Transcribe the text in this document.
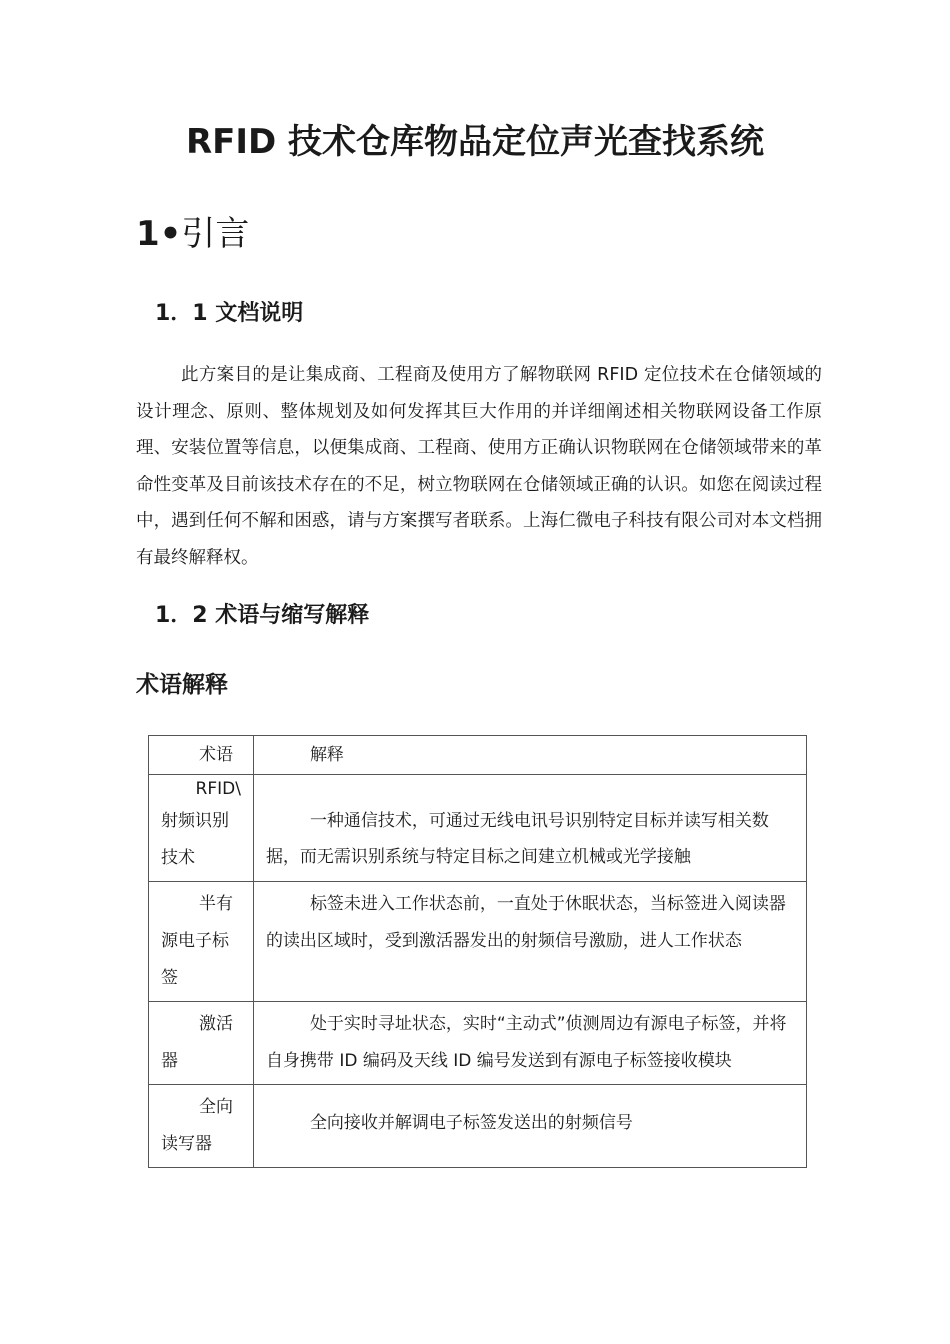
RFID 技术仓库物品定位声光查找系统
1•引言
1．1 文档说明

此方案目的是让集成商、工程商及使用方了解物联网 RFID 定位技术在仓储领域的设计理念、原则、整体规划及如何发挥其巨大作用的并详细阐述相关物联网设备工作原理、安装位置等信息，以便集成商、工程商、使用方正确认识物联网在仓储领域带来的革命性变革及目前该技术存在的不足，树立物联网在仓储领域正确的认识。如您在阅读过程中，遇到任何不解和困惑，请与方案撰写者联系。上海仁微电子科技有限公司对本文档拥有最终解释权。

1．2 术语与缩写解释
术语解释
术语	解释

RFID\
射频识别技术	一种通信技术，可通过无线电讯号识别特定目标并读写相关数据，而无需识别系统与特定目标之间建立机械或光学接触

半有源电子标签	标签未进入工作状态前，一直处于休眠状态，当标签进入阅读器的读出区域时，受到激活器发出的射频信号激励，进人工作状态

激活器	处于实时寻址状态，实时“主动式”侦测周边有源电子标签，并将自身携带 ID 编码及天线 ID 编号发送到有源电子标签接收模块

全向读写器	全向接收并解调电子标签发送出的射频信号
